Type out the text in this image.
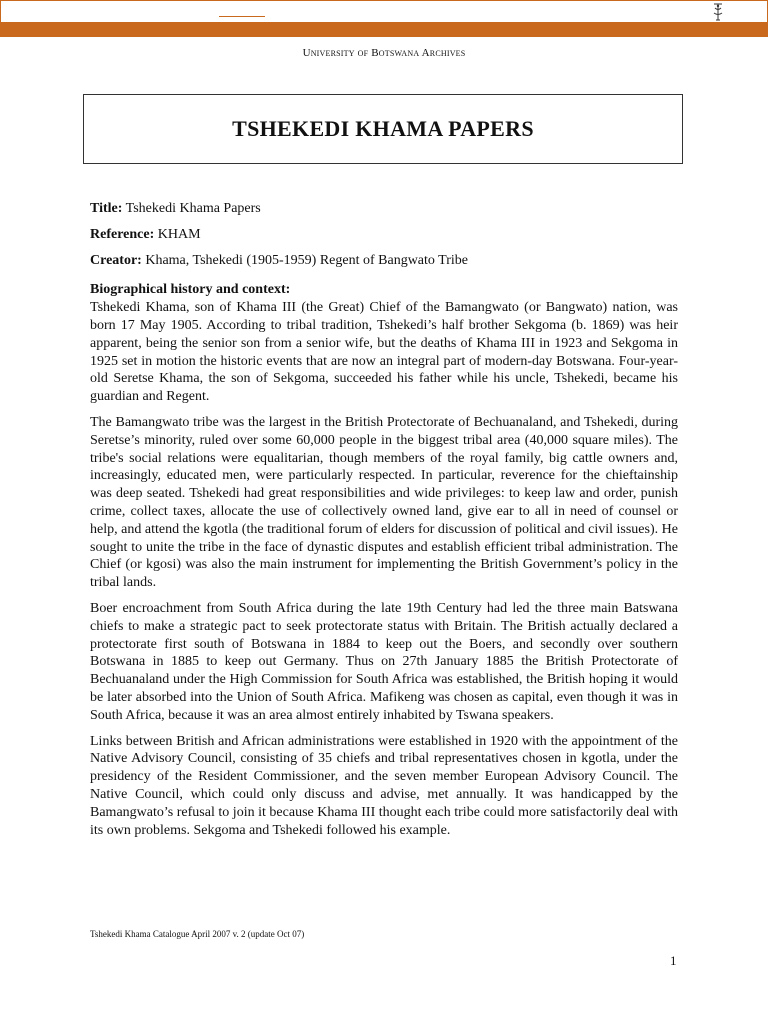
University of Botswana Archives
TSHEKEDI KHAMA PAPERS

Title: Tshekedi Khama Papers

Reference: KHAM

Creator: Khama, Tshekedi (1905-1959) Regent of Bangwato Tribe

Biographical history and context:

Tshekedi Khama, son of Khama III (the Great) Chief of the Bamangwato (or Bangwato) nation, was born 17 May 1905. According to tribal tradition, Tshekedi’s half brother Sekgoma (b. 1869) was heir apparent, being the senior son from a senior wife, but the deaths of Khama III in 1923 and Sekgoma in 1925 set in motion the historic events that are now an integral part of modern-day Botswana. Four-year-old Seretse Khama, the son of Sekgoma, succeeded his father while his uncle, Tshekedi, became his guardian and Regent.

The Bamangwato tribe was the largest in the British Protectorate of Bechuanaland, and Tshekedi, during Seretse’s minority, ruled over some 60,000 people in the biggest tribal area (40,000 square miles). The tribe's social relations were equalitarian, though members of the royal family, big cattle owners and, increasingly, educated men, were particularly respected. In particular, reverence for the chieftainship was deep seated. Tshekedi had great responsibilities and wide privileges: to keep law and order, punish crime, collect taxes, allocate the use of collectively owned land, give ear to all in need of counsel or help, and attend the kgotla (the traditional forum of elders for discussion of political and civil issues). He sought to unite the tribe in the face of dynastic disputes and establish efficient tribal administration. The Chief (or kgosi) was also the main instrument for implementing the British Government’s policy in the tribal lands.

Boer encroachment from South Africa during the late 19th Century had led the three main Batswana chiefs to make a strategic pact to seek protectorate status with Britain. The British actually declared a protectorate first south of Botswana in 1884 to keep out the Boers, and secondly over southern Botswana in 1885 to keep out Germany. Thus on 27th January 1885 the British Protectorate of Bechuanaland under the High Commission for South Africa was established, the British hoping it would be later absorbed into the Union of South Africa. Mafikeng was chosen as capital, even though it was in South Africa, because it was an area almost entirely inhabited by Tswana speakers.

Links between British and African administrations were established in 1920 with the appointment of the Native Advisory Council, consisting of 35 chiefs and tribal representatives chosen in kgotla, under the presidency of the Resident Commissioner, and the seven member European Advisory Council. The Native Council, which could only discuss and advise, met annually. It was handicapped by the Bamangwato’s refusal to join it because Khama III thought each tribe could more satisfactorily deal with its own problems. Sekgoma and Tshekedi followed his example.

Tshekedi Khama Catalogue April 2007 v. 2 (update Oct 07)
1
